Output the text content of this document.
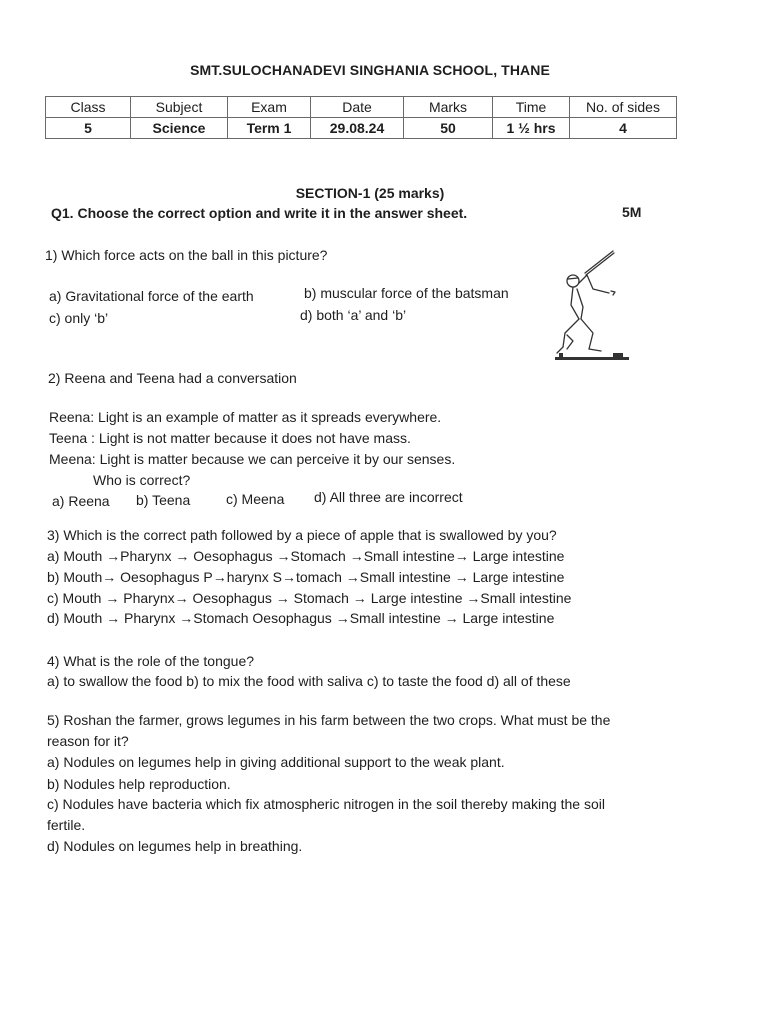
SMT.SULOCHANADEVI SINGHANIA SCHOOL, THANE
Class	Subject	Exam	Date	Marks	Time	No. of sides
5	Science	Term 1	29.08.24	50	1 ½ hrs	4
SECTION-1 (25 marks)
Q1. Choose the correct option and write it in the answer sheet.	5M
1) Which force acts on the ball in this picture?
a) Gravitational force of the earth	b) muscular force of the batsman
c) only ‘b’	d) both ‘a’ and ‘b’
2) Reena and Teena had a conversation
Reena: Light is an example of matter as it spreads everywhere.
Teena : Light is not matter because it does not have mass.
Meena: Light is matter because we can perceive it by our senses.
Who is correct?
a) Reena b) Teena	c) Meena d) All three are incorrect
3) Which is the correct path followed by a piece of apple that is swallowed by you?
a) Mouth →Pharynx → Oesophagus →Stomach →Small intestine→ Large intestine
b) Mouth→ Oesophagus P→harynx S→tomach →Small intestine → Large intestine
c) Mouth → Pharynx→ Oesophagus → Stomach → Large intestine →Small intestine
d) Mouth → Pharynx →Stomach Oesophagus →Small intestine → Large intestine
4) What is the role of the tongue?
a) to swallow the food b) to mix the food with saliva c) to taste the food d) all of these
5) Roshan the farmer, grows legumes in his farm between the two crops. What must be the
reason for it?
a) Nodules on legumes help in giving additional support to the weak plant.
b) Nodules help reproduction.
c) Nodules have bacteria which fix atmospheric nitrogen in the soil thereby making the soil
fertile.
d) Nodules on legumes help in breathing.
